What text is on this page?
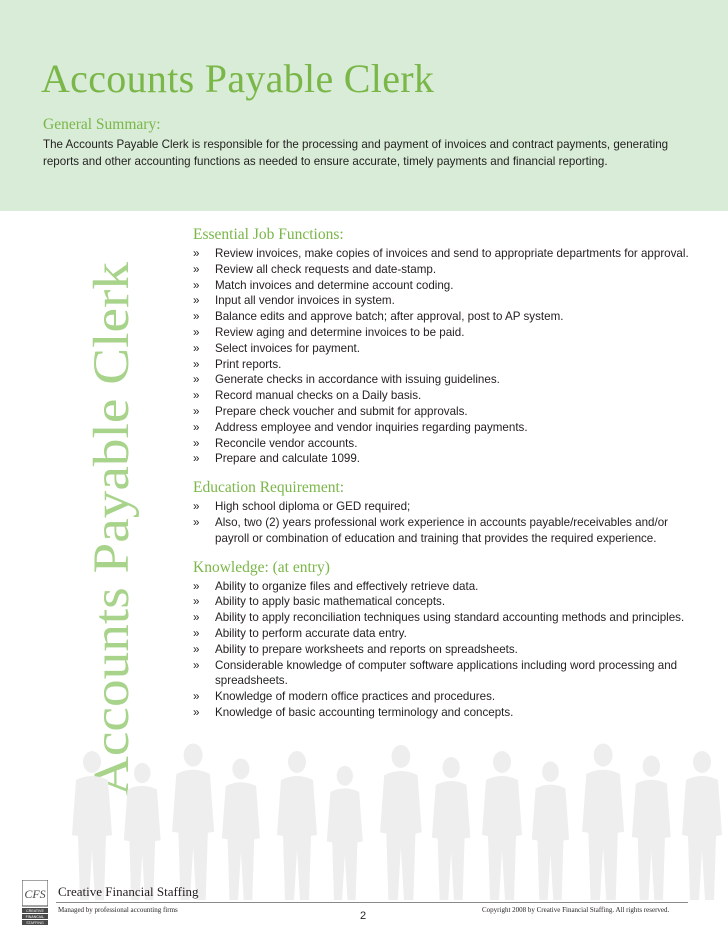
Accounts Payable Clerk
General Summary:
The Accounts Payable Clerk is responsible for the processing and payment of invoices and contract payments, generating reports and other accounting functions as needed to ensure accurate, timely payments and financial reporting.
Accounts Payable Clerk
Essential Job Functions:
» Review invoices, make copies of invoices and send to appropriate departments for approval.
» Review all check requests and date-stamp.
» Match invoices and determine account coding.
» Input all vendor invoices in system.
» Balance edits and approve batch; after approval, post to AP system.
» Review aging and determine invoices to be paid.
» Select invoices for payment.
» Print reports.
» Generate checks in accordance with issuing guidelines.
» Record manual checks on a Daily basis.
» Prepare check voucher and submit for approvals.
» Address employee and vendor inquiries regarding payments.
» Reconcile vendor accounts.
» Prepare and calculate 1099.
Education Requirement:
» High school diploma or GED required;
» Also, two (2) years professional work experience in accounts payable/receivables and/or payroll or combination of education and training that provides the required experience.
Knowledge: (at entry)
» Ability to organize files and effectively retrieve data.
» Ability to apply basic mathematical concepts.
» Ability to apply reconciliation techniques using standard accounting methods and principles.
» Ability to perform accurate data entry.
» Ability to prepare worksheets and reports on spreadsheets.
» Considerable knowledge of computer software applications including word processing and spreadsheets.
» Knowledge of modern office practices and procedures.
» Knowledge of basic accounting terminology and concepts.
CFS
CREATIVE
FINANCIAL
STAFFING
Creative Financial Staffing
Managed by professional accounting firms	Copyright 2008 by Creative Financial Staffing. All rights reserved.
2
